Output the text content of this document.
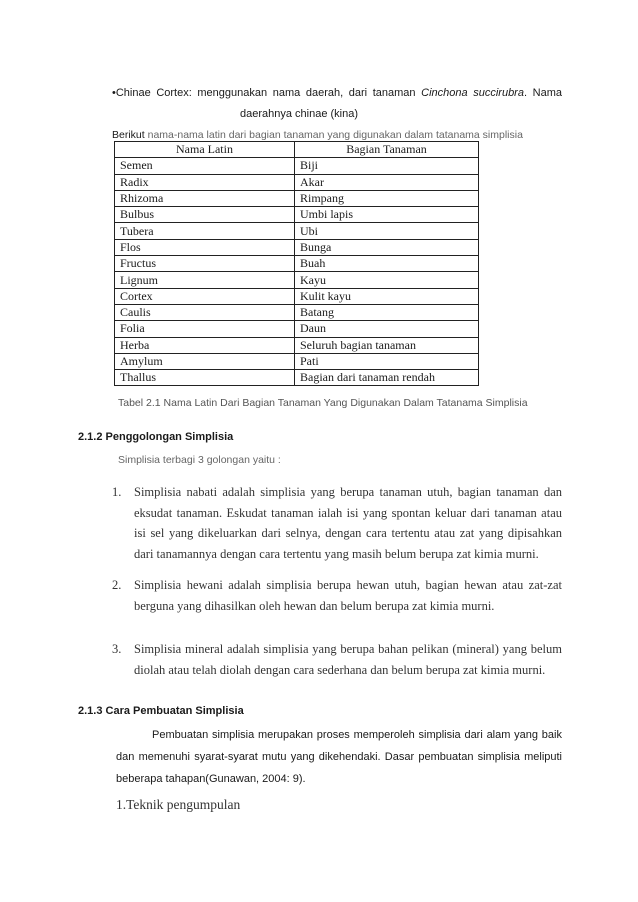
•Chinae Cortex: menggunakan nama daerah, dari tanaman Cinchona succirubra. Nama
daerahnya chinae (kina)
Berikut nama-nama latin dari bagian tanaman yang digunakan dalam tatanama simplisia
Nama Latin	Bagian Tanaman
Semen	Biji
Radix	Akar
Rhizoma	Rimpang
Bulbus	Umbi lapis
Tubera	Ubi
Flos	Bunga
Fructus	Buah
Lignum	Kayu
Cortex	Kulit kayu
Caulis	Batang
Folia	Daun
Herba	Seluruh bagian tanaman
Amylum	Pati
Thallus	Bagian dari tanaman rendah
Tabel 2.1 Nama Latin Dari Bagian Tanaman Yang Digunakan Dalam Tatanama Simplisia
2.1.2 Penggolongan Simplisia
Simplisia terbagi 3 golongan yaitu :
1.	Simplisia nabati adalah simplisia yang berupa tanaman utuh, bagian tanaman dan eksudat tanaman. Eskudat tanaman ialah isi yang spontan keluar dari tanaman atau isi sel yang dikeluarkan dari selnya, dengan cara tertentu atau zat yang dipisahkan dari tanamannya dengan cara tertentu yang masih belum berupa zat kimia murni.
2.	Simplisia hewani adalah simplisia berupa hewan utuh, bagian hewan atau zat-zat berguna yang dihasilkan oleh hewan dan belum berupa zat kimia murni.
3.	Simplisia mineral adalah simplisia yang berupa bahan pelikan (mineral) yang belum diolah atau telah diolah dengan cara sederhana dan belum berupa zat kimia murni.
2.1.3 Cara Pembuatan Simplisia
Pembuatan simplisia merupakan proses memperoleh simplisia dari alam yang baik dan memenuhi syarat-syarat mutu yang dikehendaki. Dasar pembuatan simplisia meliputi beberapa tahapan(Gunawan, 2004: 9).
1.Teknik pengumpulan
